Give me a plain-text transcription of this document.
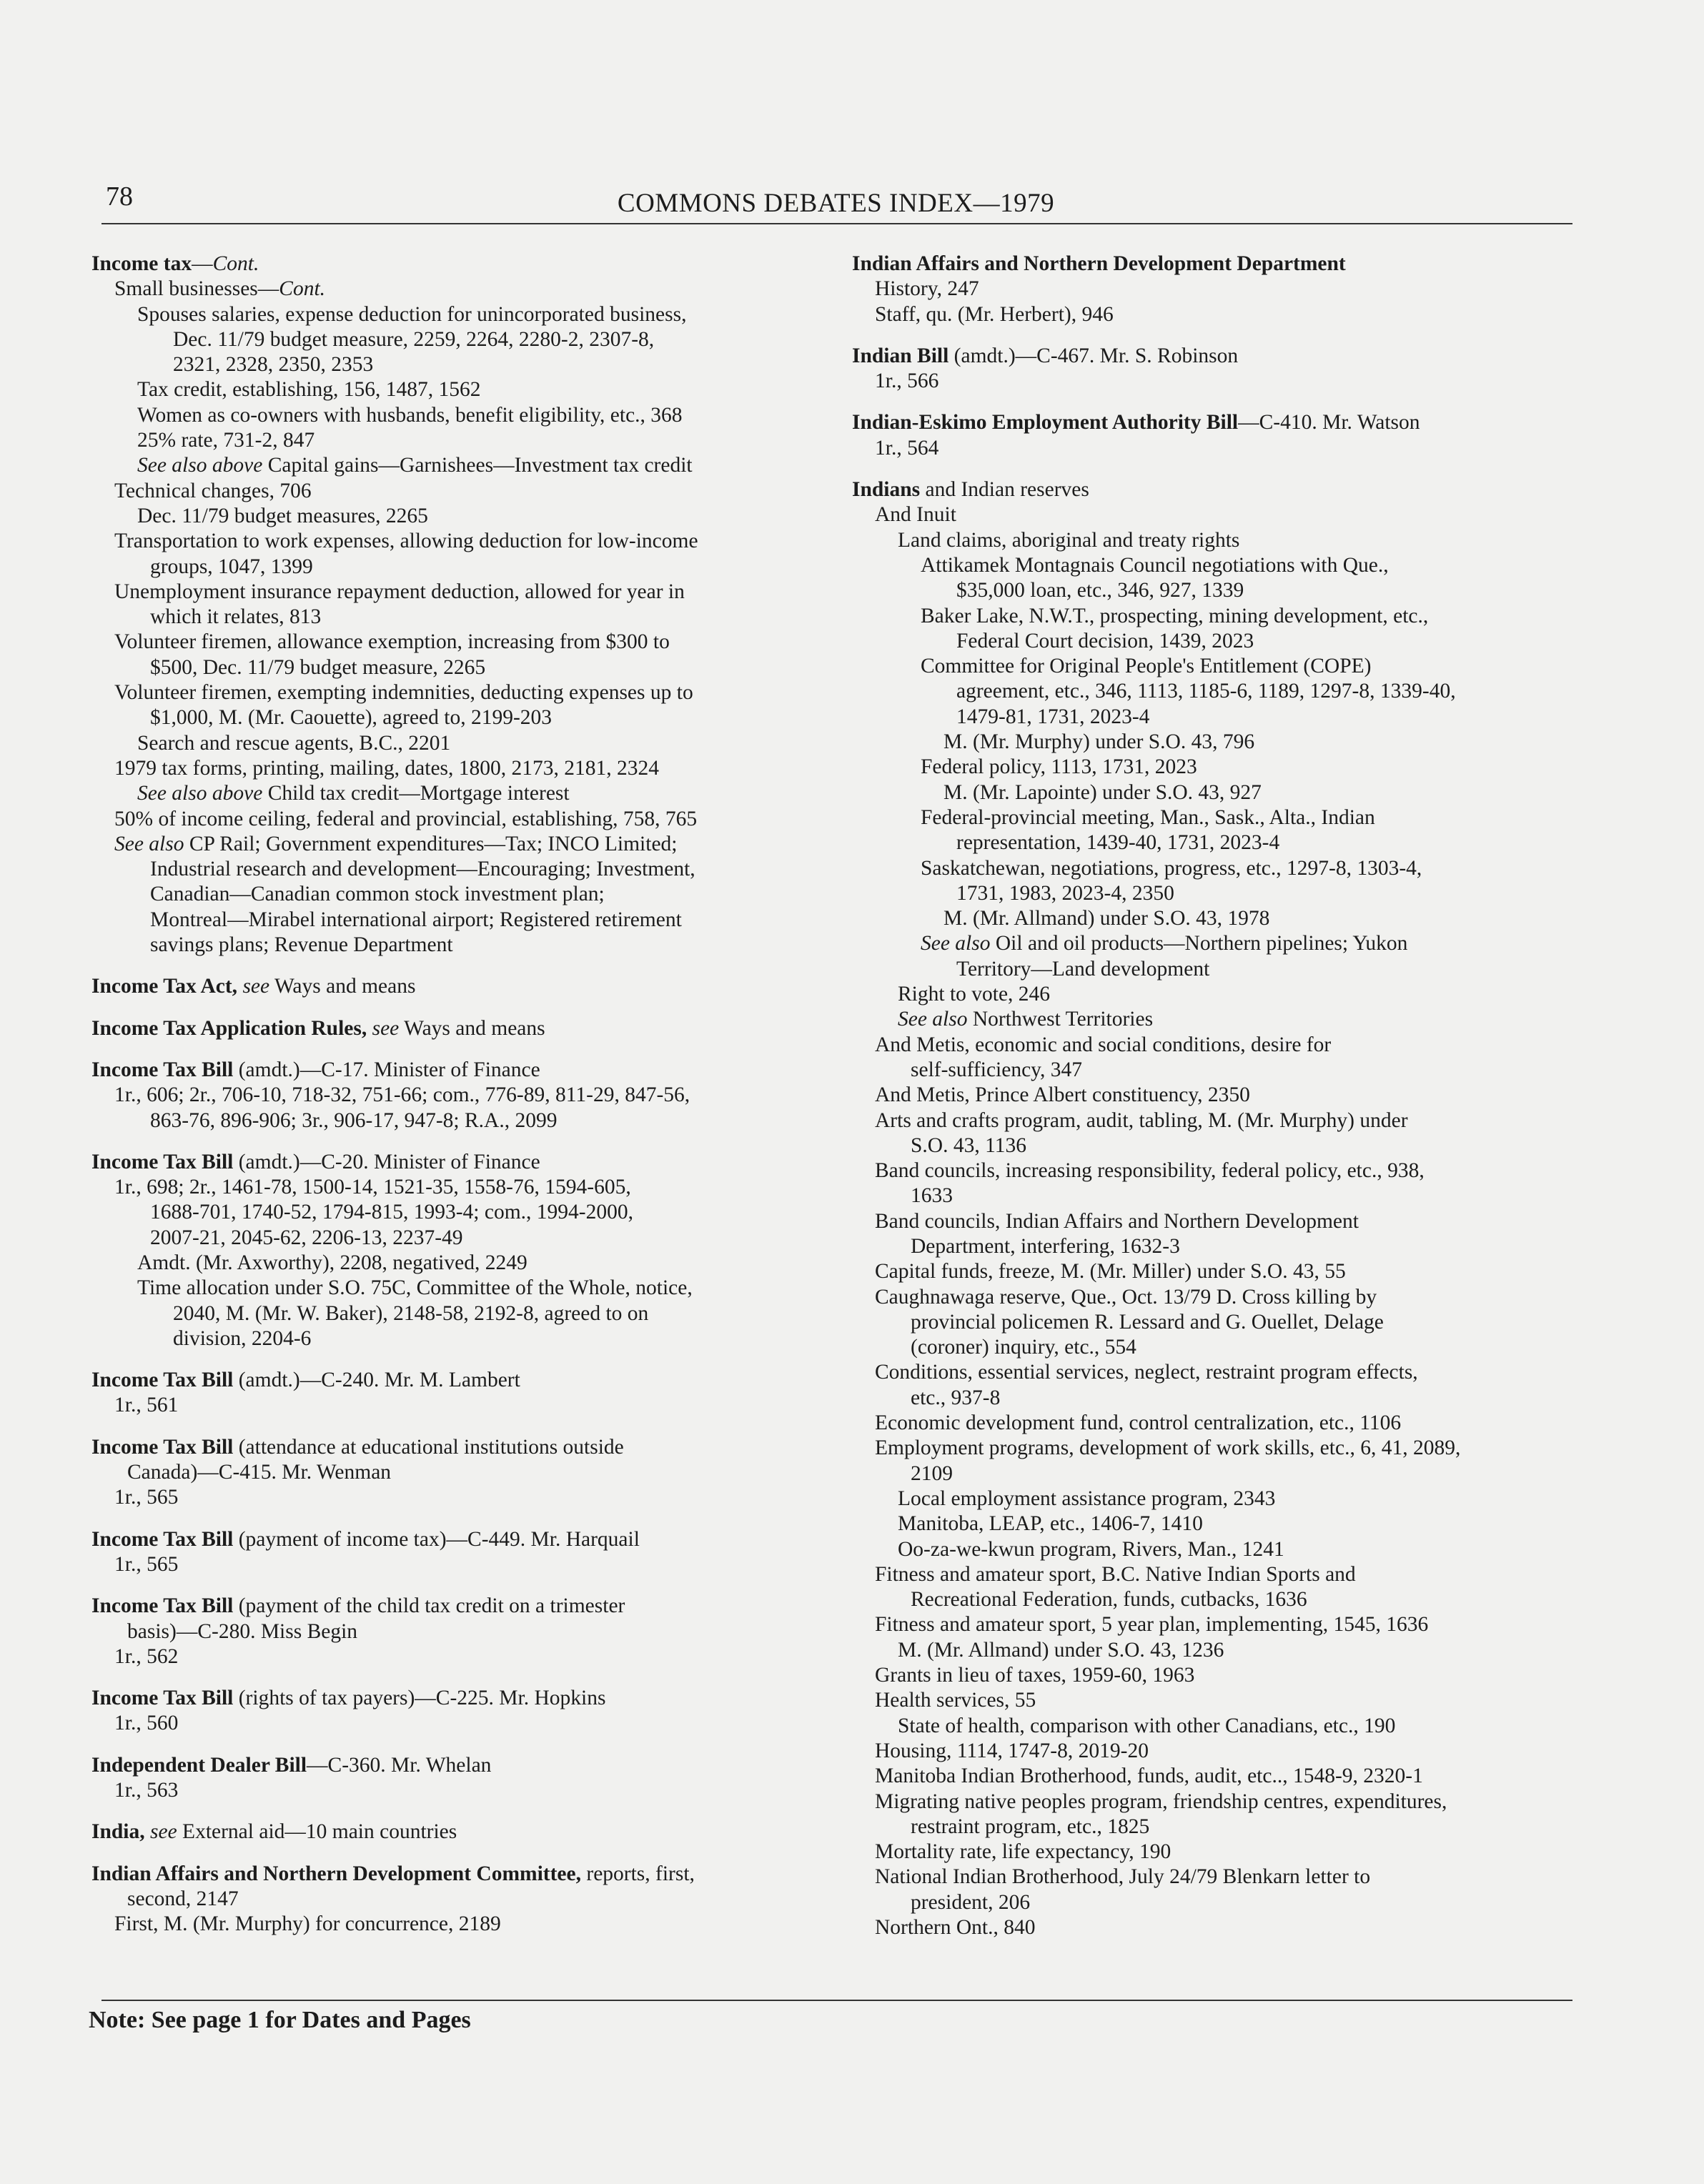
78	COMMONS DEBATES INDEX—1979
Income tax—Cont.
Small businesses—Cont.
Spouses salaries, expense deduction for unincorporated business,
Dec. 11/79 budget measure, 2259, 2264, 2280-2, 2307-8,
2321, 2328, 2350, 2353
Tax credit, establishing, 156, 1487, 1562
Women as co-owners with husbands, benefit eligibility, etc., 368
25% rate, 731-2, 847
See also above Capital gains—Garnishees—Investment tax credit
Technical changes, 706
Dec. 11/79 budget measures, 2265
Transportation to work expenses, allowing deduction for low-income
groups, 1047, 1399
Unemployment insurance repayment deduction, allowed for year in
which it relates, 813
Volunteer firemen, allowance exemption, increasing from $300 to
$500, Dec. 11/79 budget measure, 2265
Volunteer firemen, exempting indemnities, deducting expenses up to
$1,000, M. (Mr. Caouette), agreed to, 2199-203
Search and rescue agents, B.C., 2201
1979 tax forms, printing, mailing, dates, 1800, 2173, 2181, 2324
See also above Child tax credit—Mortgage interest
50% of income ceiling, federal and provincial, establishing, 758, 765
See also CP Rail; Government expenditures—Tax; INCO Limited;
Industrial research and development—Encouraging; Investment,
Canadian—Canadian common stock investment plan;
Montreal—Mirabel international airport; Registered retirement
savings plans; Revenue Department
Income Tax Act, see Ways and means
Income Tax Application Rules, see Ways and means
Income Tax Bill (amdt.)—C-17. Minister of Finance
1r., 606; 2r., 706-10, 718-32, 751-66; com., 776-89, 811-29, 847-56,
863-76, 896-906; 3r., 906-17, 947-8; R.A., 2099
Income Tax Bill (amdt.)—C-20. Minister of Finance
1r., 698; 2r., 1461-78, 1500-14, 1521-35, 1558-76, 1594-605,
1688-701, 1740-52, 1794-815, 1993-4; com., 1994-2000,
2007-21, 2045-62, 2206-13, 2237-49
Amdt. (Mr. Axworthy), 2208, negatived, 2249
Time allocation under S.O. 75C, Committee of the Whole, notice,
2040, M. (Mr. W. Baker), 2148-58, 2192-8, agreed to on
division, 2204-6
Income Tax Bill (amdt.)—C-240. Mr. M. Lambert
1r., 561
Income Tax Bill (attendance at educational institutions outside
Canada)—C-415. Mr. Wenman
1r., 565
Income Tax Bill (payment of income tax)—C-449. Mr. Harquail
1r., 565
Income Tax Bill (payment of the child tax credit on a trimester
basis)—C-280. Miss Begin
1r., 562
Income Tax Bill (rights of tax payers)—C-225. Mr. Hopkins
1r., 560
Independent Dealer Bill—C-360. Mr. Whelan
1r., 563
India, see External aid—10 main countries
Indian Affairs and Northern Development Committee, reports, first,
second, 2147
First, M. (Mr. Murphy) for concurrence, 2189
Indian Affairs and Northern Development Department
History, 247
Staff, qu. (Mr. Herbert), 946
Indian Bill (amdt.)—C-467. Mr. S. Robinson
1r., 566
Indian-Eskimo Employment Authority Bill—C-410. Mr. Watson
1r., 564
Indians and Indian reserves
And Inuit
Land claims, aboriginal and treaty rights
Attikamek Montagnais Council negotiations with Que.,
$35,000 loan, etc., 346, 927, 1339
Baker Lake, N.W.T., prospecting, mining development, etc.,
Federal Court decision, 1439, 2023
Committee for Original People's Entitlement (COPE)
agreement, etc., 346, 1113, 1185-6, 1189, 1297-8, 1339-40,
1479-81, 1731, 2023-4
M. (Mr. Murphy) under S.O. 43, 796
Federal policy, 1113, 1731, 2023
M. (Mr. Lapointe) under S.O. 43, 927
Federal-provincial meeting, Man., Sask., Alta., Indian
representation, 1439-40, 1731, 2023-4
Saskatchewan, negotiations, progress, etc., 1297-8, 1303-4,
1731, 1983, 2023-4, 2350
M. (Mr. Allmand) under S.O. 43, 1978
See also Oil and oil products—Northern pipelines; Yukon
Territory—Land development
Right to vote, 246
See also Northwest Territories
And Metis, economic and social conditions, desire for
self-sufficiency, 347
And Metis, Prince Albert constituency, 2350
Arts and crafts program, audit, tabling, M. (Mr. Murphy) under
S.O. 43, 1136
Band councils, increasing responsibility, federal policy, etc., 938,
1633
Band councils, Indian Affairs and Northern Development
Department, interfering, 1632-3
Capital funds, freeze, M. (Mr. Miller) under S.O. 43, 55
Caughnawaga reserve, Que., Oct. 13/79 D. Cross killing by
provincial policemen R. Lessard and G. Ouellet, Delage
(coroner) inquiry, etc., 554
Conditions, essential services, neglect, restraint program effects,
etc., 937-8
Economic development fund, control centralization, etc., 1106
Employment programs, development of work skills, etc., 6, 41, 2089,
2109
Local employment assistance program, 2343
Manitoba, LEAP, etc., 1406-7, 1410
Oo-za-we-kwun program, Rivers, Man., 1241
Fitness and amateur sport, B.C. Native Indian Sports and
Recreational Federation, funds, cutbacks, 1636
Fitness and amateur sport, 5 year plan, implementing, 1545, 1636
M. (Mr. Allmand) under S.O. 43, 1236
Grants in lieu of taxes, 1959-60, 1963
Health services, 55
State of health, comparison with other Canadians, etc., 190
Housing, 1114, 1747-8, 2019-20
Manitoba Indian Brotherhood, funds, audit, etc.., 1548-9, 2320-1
Migrating native peoples program, friendship centres, expenditures,
restraint program, etc., 1825
Mortality rate, life expectancy, 190
National Indian Brotherhood, July 24/79 Blenkarn letter to
president, 206
Northern Ont., 840
Note: See page 1 for Dates and Pages
